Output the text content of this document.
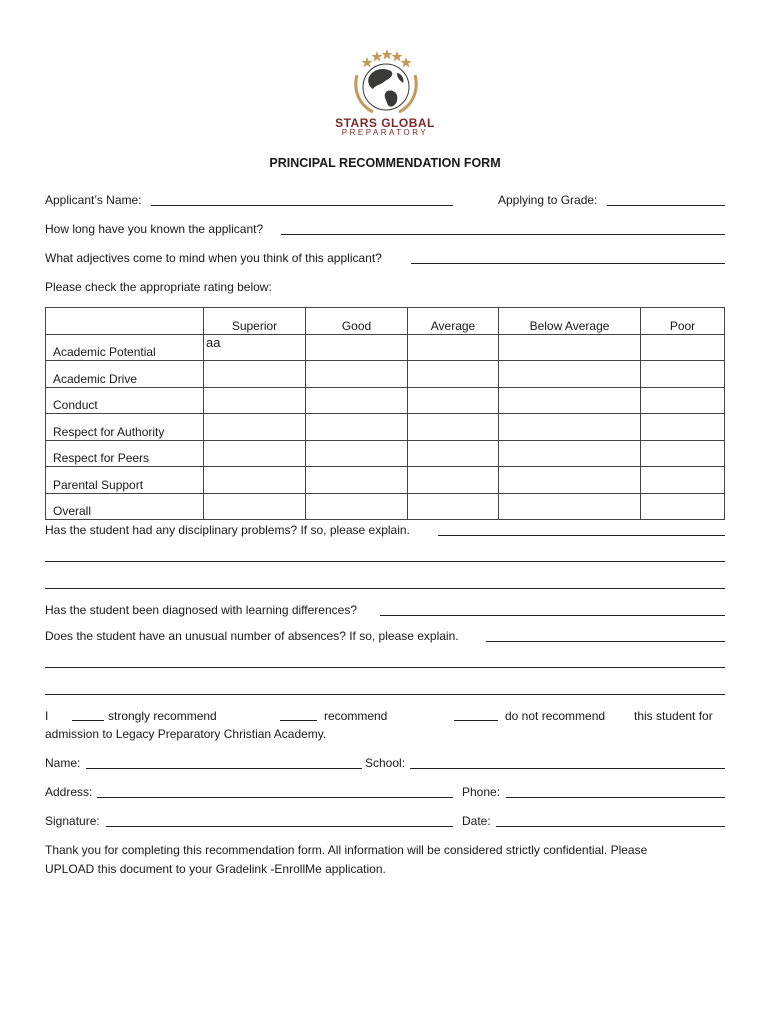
STARS GLOBAL
PREPARATORY
PRINCIPAL RECOMMENDATION FORM
Applicant’s Name:	Applying to Grade:
How long have you known the applicant?
What adjectives come to mind when you think of this applicant?
Please check the appropriate rating below:
	Superior	Good	Average	Below Average	Poor
Academic Potential	aa				
Academic Drive					
Conduct					
Respect for Authority					
Respect for Peers					
Parental Support					
Overall					
Has the student had any disciplinary problems? If so, please explain.
Has the student been diagnosed with learning differences?
Does the student have an unusual number of absences? If so, please explain.
I	strongly recommend	recommend	do not recommend this student for
admission to Legacy Preparatory Christian Academy.
Name:	School:
Address:	Phone:
Signature:	Date:
Thank you for completing this recommendation form. All information will be considered strictly confidential. Please
UPLOAD this document to your Gradelink -EnrollMe application.
